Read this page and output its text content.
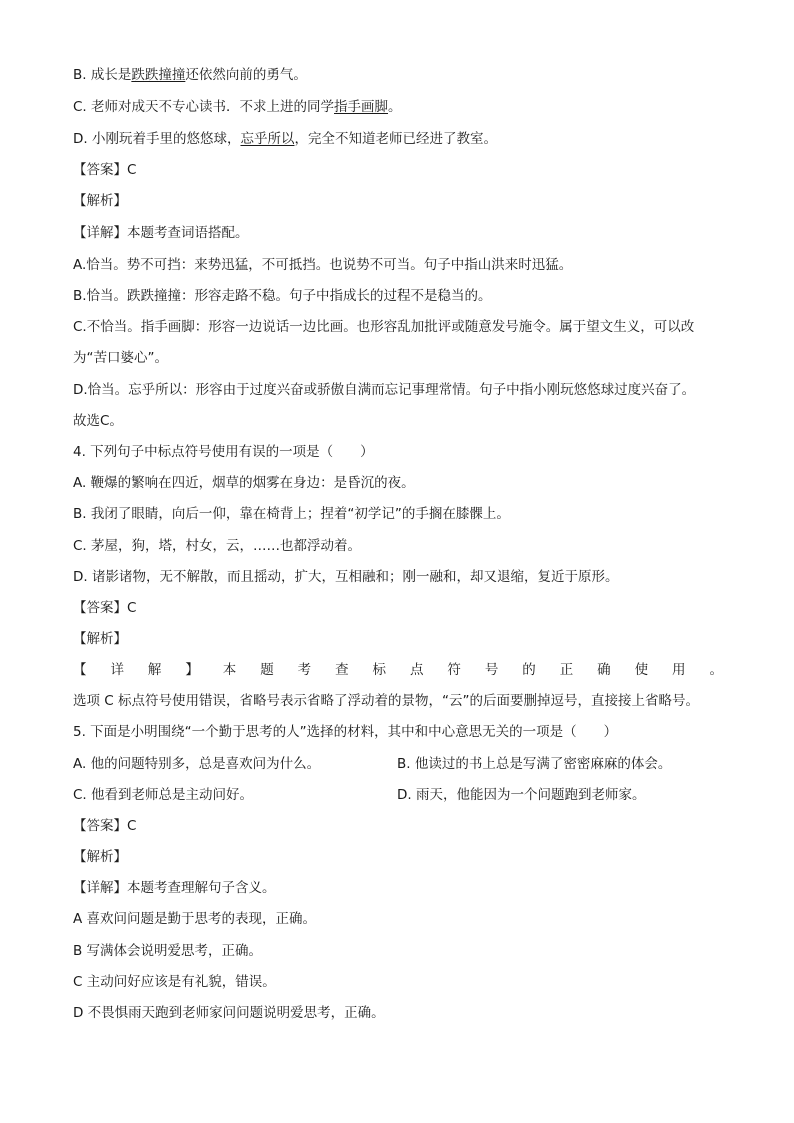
B. 成长是跌跌撞撞还依然向前的勇气。
C. 老师对成天不专心读书．不求上进的同学指手画脚。
D. 小刚玩着手里的悠悠球，忘乎所以，完全不知道老师已经进了教室。
【答案】C
【解析】
【详解】本题考查词语搭配。
A.恰当。势不可挡：来势迅猛，不可抵挡。也说势不可当。句子中指山洪来时迅猛。
B.恰当。跌跌撞撞：形容走路不稳。句子中指成长的过程不是稳当的。
C.不恰当。指手画脚：形容一边说话一边比画。也形容乱加批评或随意发号施令。属于望文生义，可以改
为“苦口婆心”。
D.恰当。忘乎所以：形容由于过度兴奋或骄傲自满而忘记事理常情。句子中指小刚玩悠悠球过度兴奋了。
故选C。
4. 下列句子中标点符号使用有误的一项是（　　）
A. 鞭爆的繁响在四近，烟草的烟雾在身边：是昏沉的夜。
B. 我闭了眼睛，向后一仰，靠在椅背上；捏着“初学记”的手搁在膝髁上。
C. 茅屋，狗，塔，村女，云，……也都浮动着。
D. 诸影诸物，无不解散，而且摇动，扩大，互相融和；刚一融和，却又退缩，复近于原形。
【答案】C
【解析】
【 详 解 】 本 题 考 查 标 点 符 号 的 正 确 使 用 。
选项 C 标点符号使用错误，省略号表示省略了浮动着的景物，“云”的后面要删掉逗号，直接接上省略号。
5. 下面是小明围绕“一个勤于思考的人”选择的材料，其中和中心意思无关的一项是（　　）
A. 他的问题特别多，总是喜欢问为什么。	B. 他读过的书上总是写满了密密麻麻的体会。
C. 他看到老师总是主动问好。	D. 雨天，他能因为一个问题跑到老师家。
【答案】C
【解析】
【详解】本题考查理解句子含义。
A 喜欢问问题是勤于思考的表现，正确。
B 写满体会说明爱思考，正确。
C 主动问好应该是有礼貌，错误。
D 不畏惧雨天跑到老师家问问题说明爱思考，正确。
